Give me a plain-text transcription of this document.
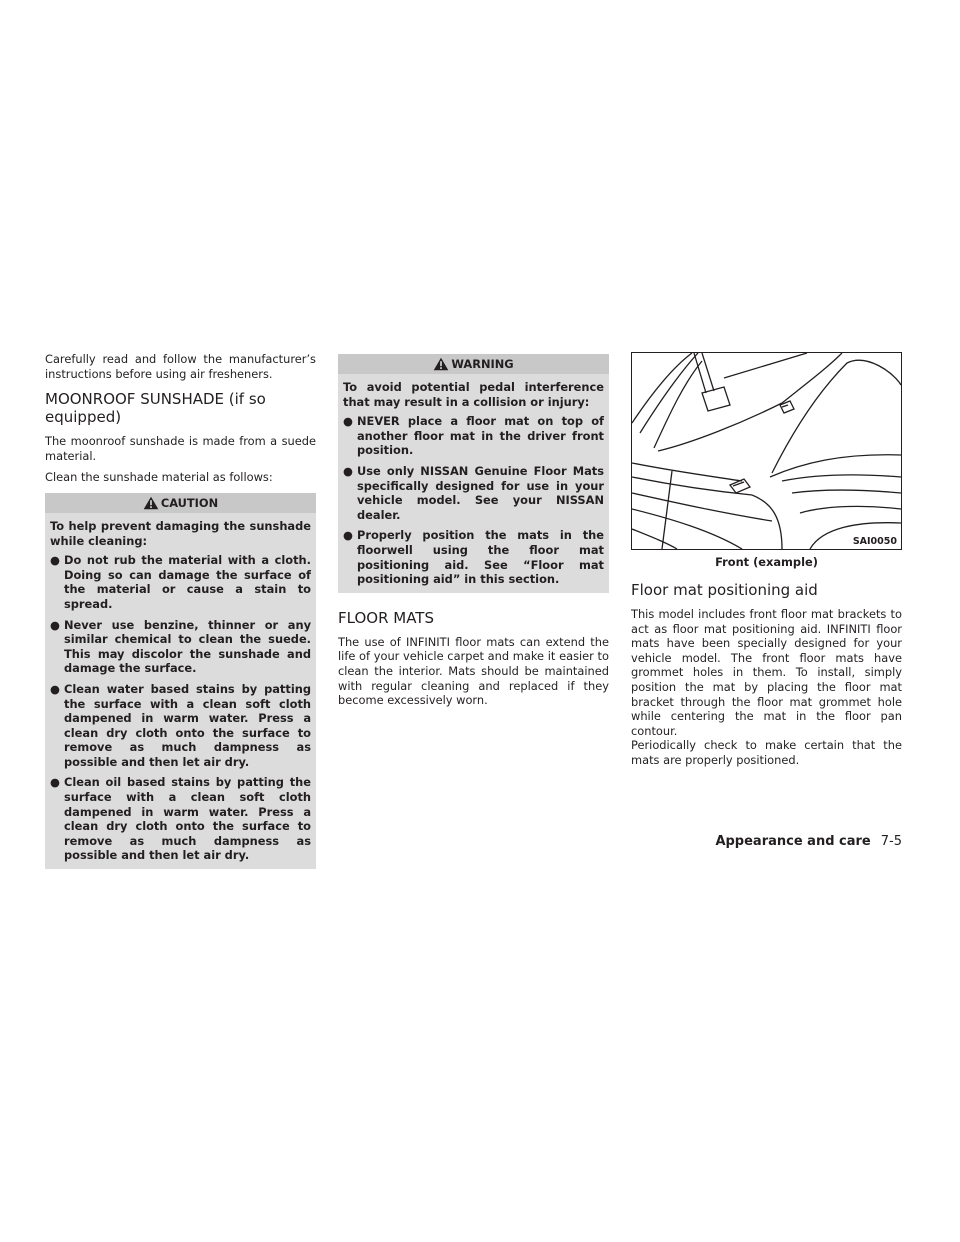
Carefully read and follow the manufacturer’s instructions before using air fresheners.

MOONROOF SUNSHADE (if so equipped)

The moonroof sunshade is made from a suede material.

Clean the sunshade material as follows:

CAUTION

To help prevent damaging the sunshade while cleaning:

● Do not rub the material with a cloth. Doing so can damage the surface of the material or cause a stain to spread.
● Never use benzine, thinner or any similar chemical to clean the suede. This may discolor the sunshade and damage the surface.
● Clean water based stains by patting the surface with a clean soft cloth dampened in warm water. Press a clean dry cloth onto the surface to remove as much dampness as possible and then let air dry.
● Clean oil based stains by patting the surface with a clean soft cloth dampened in warm water. Press a clean dry cloth onto the surface to remove as much dampness as possible and then let air dry.
WARNING

To avoid potential pedal interference that may result in a collision or injury:

● NEVER place a floor mat on top of another floor mat in the driver front position.
● Use only NISSAN Genuine Floor Mats specifically designed for use in your vehicle model. See your NISSAN dealer.
● Properly position the mats in the floorwell using the floor mat positioning aid. See “Floor mat positioning aid” in this section.
FLOOR MATS

The use of INFINITI floor mats can extend the life of your vehicle carpet and make it easier to clean the interior. Mats should be maintained with regular cleaning and replaced if they become excessively worn.

SAI0050

Front (example)

Floor mat positioning aid

This model includes front floor mat brackets to act as floor mat positioning aid. INFINITI floor mats have been specially designed for your vehicle model. The front floor mats have grommet holes in them. To install, simply position the mat by placing the floor mat bracket through the floor mat grommet hole while centering the mat in the floor pan contour.

Periodically check to make certain that the mats are properly positioned.

Appearance and care 7-5
